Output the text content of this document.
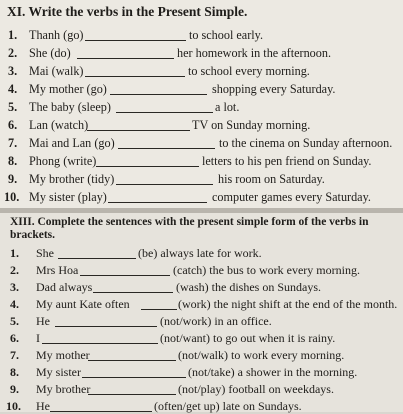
XI. Write the verbs in the Present Simple.
1. Thanh (go)	to school early.
2. She (do)	her homework in the afternoon.
3. Mai (walk)	to school every morning.
4. My mother (go)	shopping every Saturday.
5. The baby (sleep)	a lot.
6. Lan (watch)	TV on Sunday morning.
7. Mai and Lan (go)	to the cinema on Sunday afternoon.
8. Phong (write)	letters to his pen friend on Sunday.
9. My brother (tidy)	his room on Saturday.
10. My sister (play)	computer games every Saturday.
XIII. Complete the sentences with the present simple form of the verbs in brackets.
1. She	(be) always late for work.
2. Mrs Hoa	(catch) the bus to work every morning.
3. Dad always	(wash) the dishes on Sundays.
4. My aunt Kate often	(work) the night shift at the end of the month.
5. He	(not/work) in an office.
6. I	(not/want) to go out when it is rainy.
7. My mother	(not/walk) to work every morning.
8. My sister	(not/take) a shower in the morning.
9. My brother	(not/play) football on weekdays.
10. He	(often/get up) late on Sundays.
